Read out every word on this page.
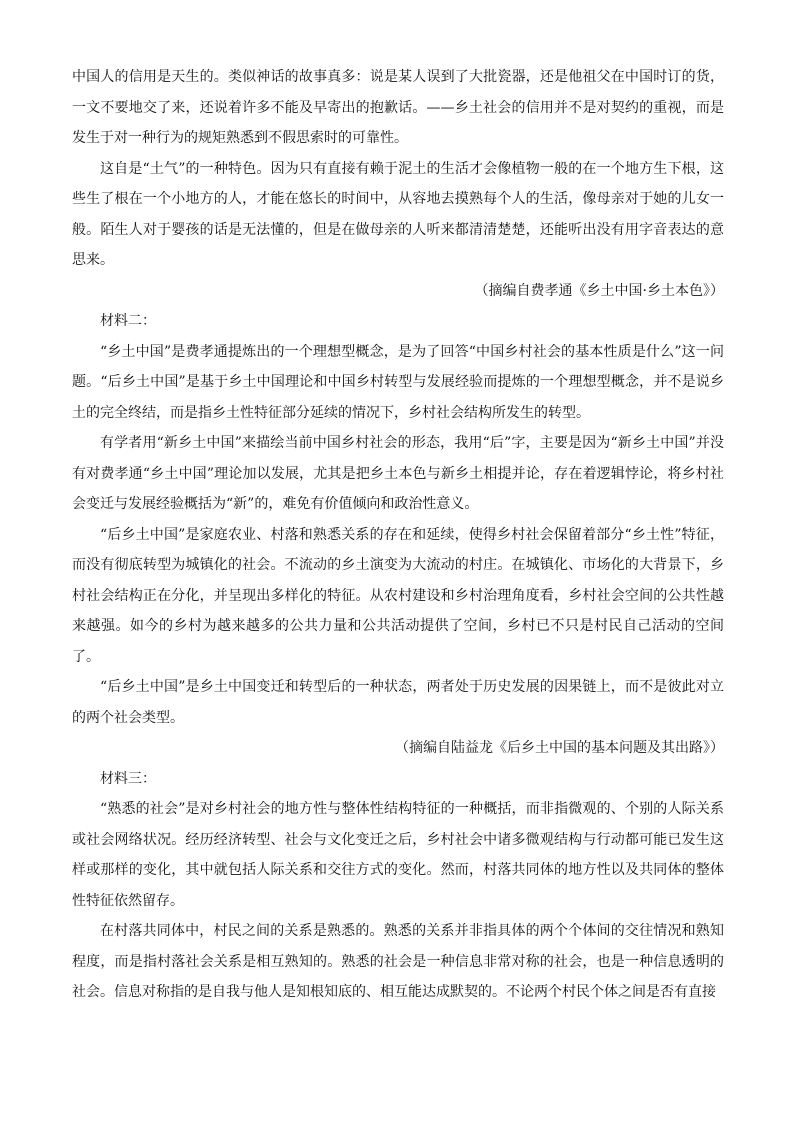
中国人的信用是天生的。类似神话的故事真多：说是某人误到了大批瓷器，还是他祖父在中国时订的货，一文不要地交了来，还说着许多不能及早寄出的抱歉话。——乡土社会的信用并不是对契约的重视，而是发生于对一种行为的规矩熟悉到不假思索时的可靠性。

这自是“土气”的一种特色。因为只有直接有赖于泥土的生活才会像植物一般的在一个地方生下根，这些生了根在一个小地方的人，才能在悠长的时间中，从容地去摸熟每个人的生活，像母亲对于她的儿女一般。陌生人对于婴孩的话是无法懂的，但是在做母亲的人听来都清清楚楚，还能听出没有用字音表达的意思来。

（摘编自费孝通《乡土中国·乡土本色》）

材料二：

“乡土中国”是费孝通提炼出的一个理想型概念，是为了回答“中国乡村社会的基本性质是什么”这一问题。“后乡土中国”是基于乡土中国理论和中国乡村转型与发展经验而提炼的一个理想型概念，并不是说乡土的完全终结，而是指乡土性特征部分延续的情况下，乡村社会结构所发生的转型。

有学者用“新乡土中国”来描绘当前中国乡村社会的形态，我用“后”字，主要是因为“新乡土中国”并没有对费孝通“乡土中国”理论加以发展，尤其是把乡土本色与新乡土相提并论，存在着逻辑悖论，将乡村社会变迁与发展经验概括为“新”的，难免有价值倾向和政治性意义。

“后乡土中国”是家庭农业、村落和熟悉关系的存在和延续，使得乡村社会保留着部分“乡土性”特征，而没有彻底转型为城镇化的社会。不流动的乡土演变为大流动的村庄。在城镇化、市场化的大背景下，乡村社会结构正在分化，并呈现出多样化的特征。从农村建设和乡村治理角度看，乡村社会空间的公共性越来越强。如今的乡村为越来越多的公共力量和公共活动提供了空间，乡村已不只是村民自己活动的空间了。

“后乡土中国”是乡土中国变迁和转型后的一种状态，两者处于历史发展的因果链上，而不是彼此对立的两个社会类型。

（摘编自陆益龙《后乡土中国的基本问题及其出路》）

材料三：

“熟悉的社会”是对乡村社会的地方性与整体性结构特征的一种概括，而非指微观的、个别的人际关系或社会网络状况。经历经济转型、社会与文化变迁之后，乡村社会中诸多微观结构与行动都可能已发生这样或那样的变化，其中就包括人际关系和交往方式的变化。然而，村落共同体的地方性以及共同体的整体性特征依然留存。

在村落共同体中，村民之间的关系是熟悉的。熟悉的关系并非指具体的两个个体间的交往情况和熟知程度，而是指村落社会关系是相互熟知的。熟悉的社会是一种信息非常对称的社会，也是一种信息透明的社会。信息对称指的是自我与他人是知根知底的、相互能达成默契的。不论两个村民个体之间是否有直接
